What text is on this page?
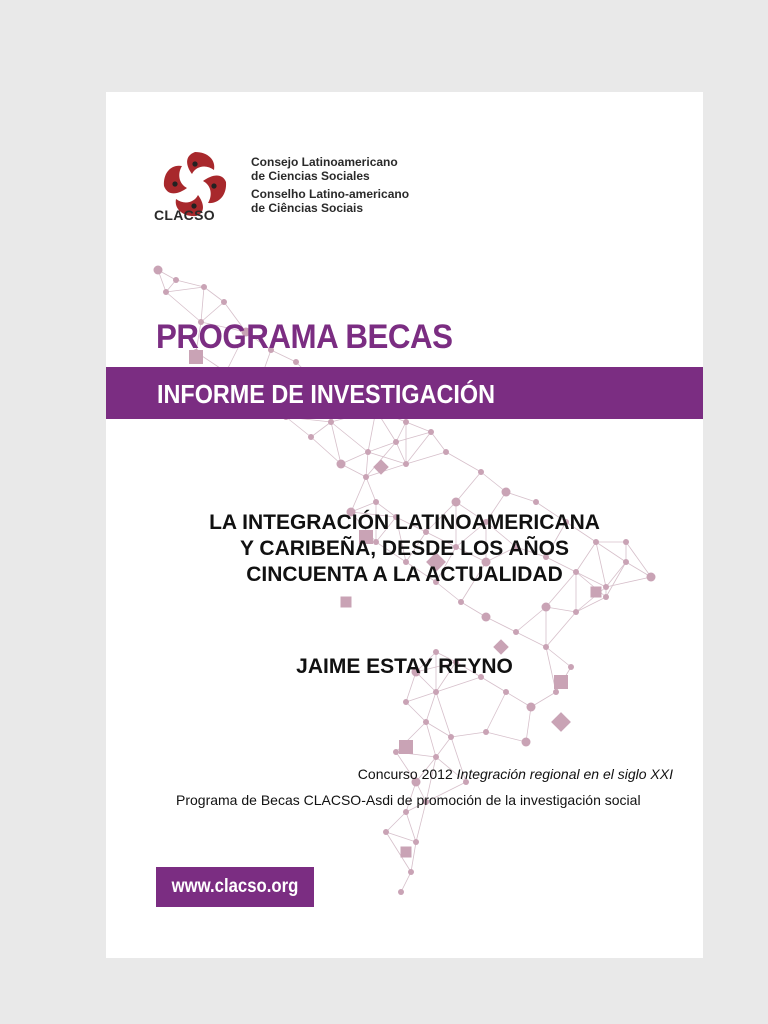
CLACSO
Consejo Latinoamericano
de Ciencias Sociales
Conselho Latino-americano
de Ciências Sociais
PROGRAMA BECAS
INFORME DE INVESTIGACIÓN
LA INTEGRACIÓN LATINOAMERICANA
Y CARIBEÑA, DESDE LOS AÑOS
CINCUENTA A LA ACTUALIDAD
JAIME ESTAY REYNO
Concurso 2012 Integración regional en el siglo XXI
Programa de Becas CLACSO-Asdi de promoción de la investigación social
www.clacso.org
